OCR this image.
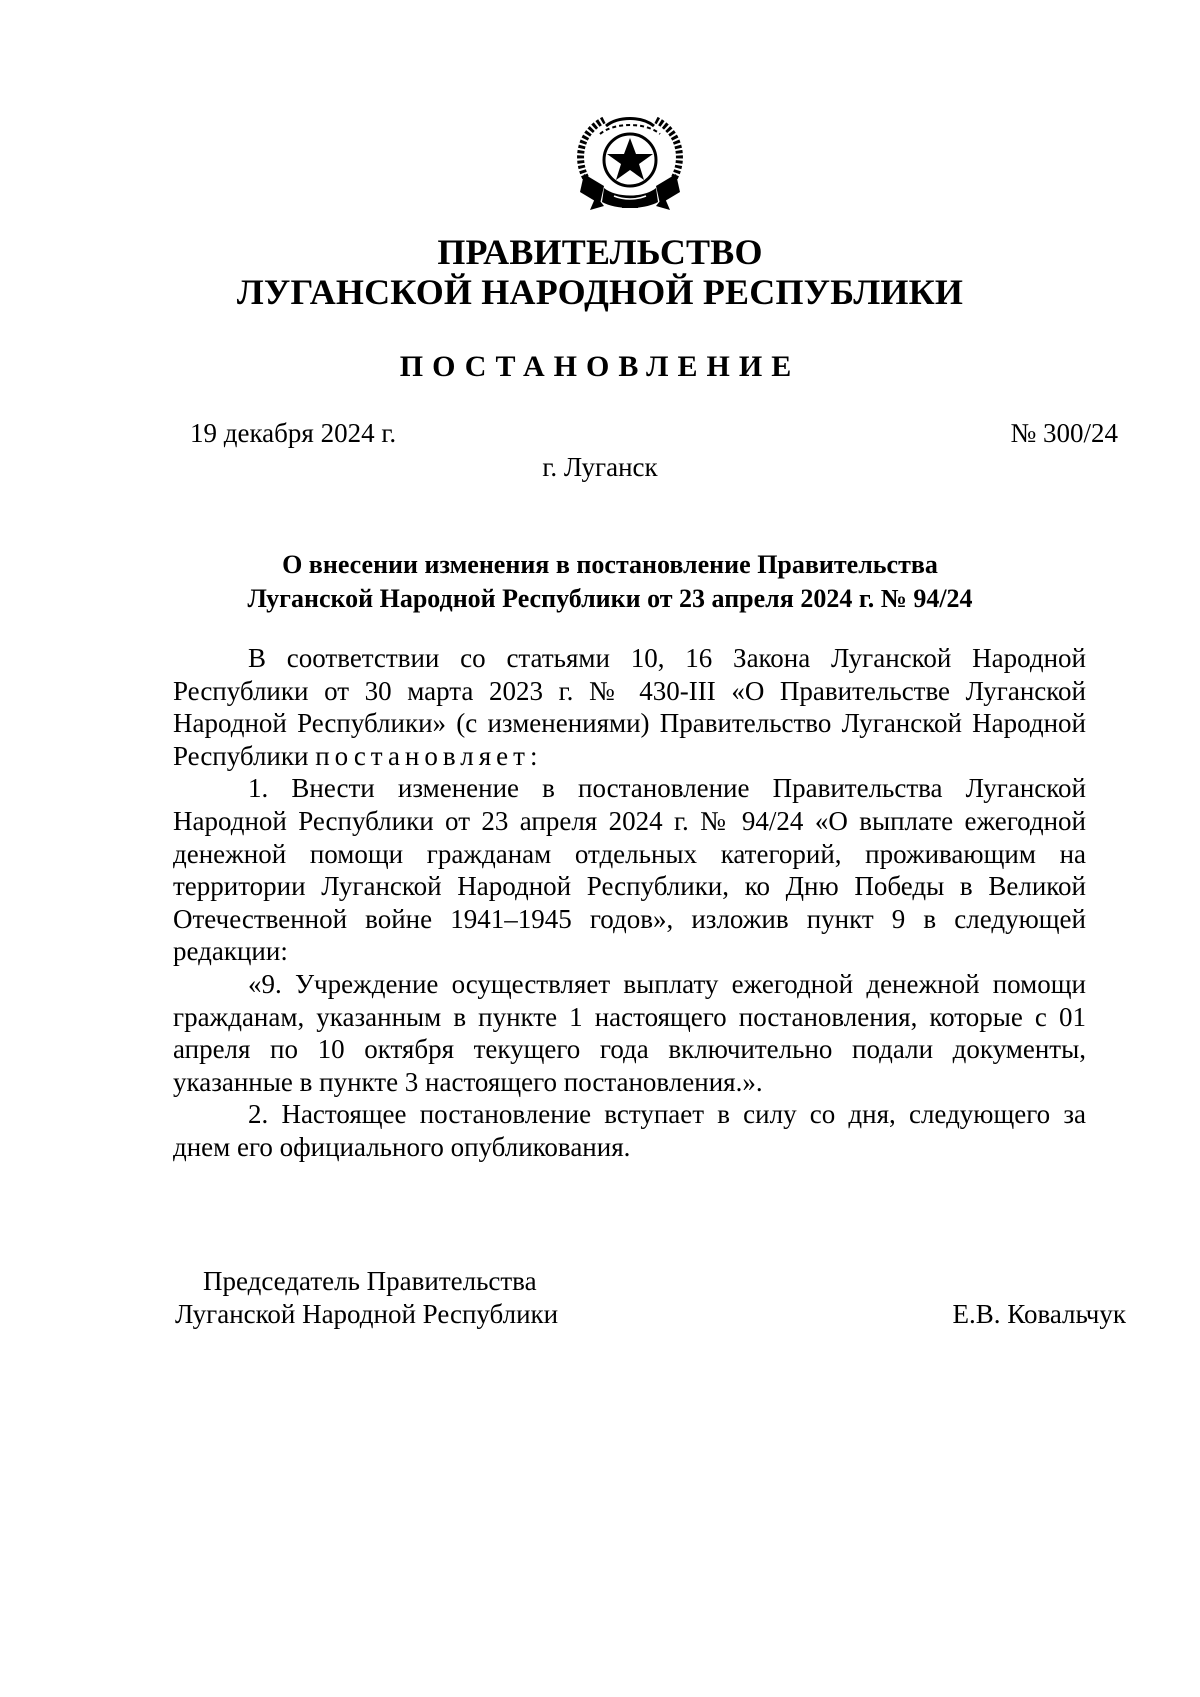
ПРАВИТЕЛЬСТВО
ЛУГАНСКОЙ НАРОДНОЙ РЕСПУБЛИКИ
ПОСТАНОВЛЕНИЕ
19 декабря 2024 г.	№ 300/24
г. Луганск
О внесении изменения в постановление Правительства
Луганской Народной Республики от 23 апреля 2024 г. № 94/24

В соответствии со статьями 10, 16 Закона Луганской Народной Республики от 30 марта 2023 г. № 430-III «О Правительстве Луганской Народной Республики» (с изменениями) Правительство Луганской Народной Республики постановляет:

1. Внести изменение в постановление Правительства Луганской Народной Республики от 23 апреля 2024 г. № 94/24 «О выплате ежегодной денежной помощи гражданам отдельных категорий, проживающим на территории Луганской Народной Республики, ко Дню Победы в Великой Отечественной войне 1941–1945 годов», изложив пункт 9 в следующей редакции:

«9. Учреждение осуществляет выплату ежегодной денежной помощи гражданам, указанным в пункте 1 настоящего постановления, которые с 01 апреля по 10 октября текущего года включительно подали документы, указанные в пункте 3 настоящего постановления.».

2. Настоящее постановление вступает в силу со дня, следующего за днем его официального опубликования.

Председатель Правительства
Луганской Народной Республики	Е.В. Ковальчук
